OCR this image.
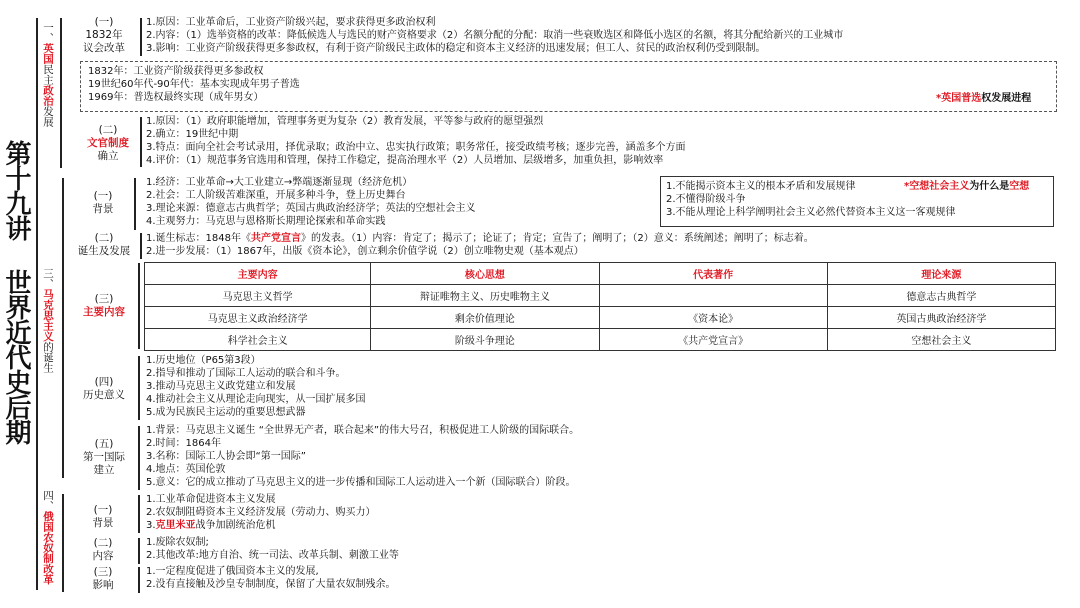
第十九讲 世界近代史后期
一、英国民主政治发展
(一)
1832年
议会改革
1.原因：工业革命后，工业资产阶级兴起，要求获得更多政治权利
2.内容：（1）选举资格的改革：降低候选人与选民的财产资格要求（2）名额分配的分配：取消一些衰败选区和降低小选区的名额，将其分配给新兴的工业城市
3.影响：工业资产阶级获得更多参政权，有利于资产阶级民主政体的稳定和资本主义经济的迅速发展；但工人、贫民的政治权利仍受到限制。
1832年：工业资产阶级获得更多参政权
19世纪60年代-90年代：基本实现成年男子普选
1969年：普选权最终实现（成年男女）	*英国普选权发展进程
(二)
文官制度
确立
1.原因：（1）政府职能增加，管理事务更为复杂（2）教育发展，平等参与政府的愿望强烈
2.确立：19世纪中期
3.特点：面向全社会考试录用，择优录取；政治中立、忠实执行政策；职务常任，接受政绩考核；逐步完善，涵盖多个方面
4.评价：（1）规范事务官选用和管理，保持工作稳定，提高治理水平（2）人员增加、层级增多，加重负担，影响效率
三、马克思主义的诞生
(一)
背景
1.经济：工业革命→大工业建立→弊端逐渐显现（经济危机）
2.社会：工人阶级苦难深重，开展多种斗争，登上历史舞台
3.理论来源：德意志古典哲学；英国古典政治经济学；英法的空想社会主义
4.主观努力：马克思与恩格斯长期理论探索和革命实践
1.不能揭示资本主义的根本矛盾和发展规律
2.不懂得阶级斗争
3.不能从理论上科学阐明社会主义必然代替资本主义这一客观规律
*空想社会主义为什么是空想
(二)
诞生及发展
1.诞生标志：1848年《共产党宣言》的发表。（1）内容：肯定了；揭示了；论证了；肯定；宣告了；阐明了；（2）意义：系统阐述；阐明了；标志着。
2.进一步发展：（1）1867年，出版《资本论》，创立剩余价值学说（2）创立唯物史观（基本观点）
(三)
主要内容
主要内容	核心思想	代表著作	理论来源
马克思主义哲学	辩证唯物主义、历史唯物主义		德意志古典哲学
马克思主义政治经济学	剩余价值理论	《资本论》	英国古典政治经济学
科学社会主义	阶级斗争理论	《共产党宣言》	空想社会主义
(四)
历史意义
1.历史地位（P65第3段）
2.指导和推动了国际工人运动的联合和斗争。
3.推动马克思主义政党建立和发展
4.推动社会主义从理论走向现实，从一国扩展多国
5.成为民族民主运动的重要思想武器
(五)
第一国际
建立
1.背景：马克思主义诞生 “全世界无产者，联合起来”的伟大号召，积极促进工人阶级的国际联合。
2.时间：1864年
3.名称：国际工人协会即“第一国际”
4.地点：英国伦敦
5.意义：它的成立推动了马克思主义的进一步传播和国际工人运动进入一个新（国际联合）阶段。
四、俄国农奴制改革
(一)
背景
1.工业革命促进资本主义发展
2.农奴制阻碍资本主义经济发展（劳动力、购买力）
3.克里米亚战争加剧统治危机
(二)
内容
1.废除农奴制;
2.其他改革:地方自治、统一司法、改革兵制、刺激工业等
(三)
影响
1.一定程度促进了俄国资本主义的发展,
2.没有直接触及沙皇专制制度，保留了大量农奴制残余。
